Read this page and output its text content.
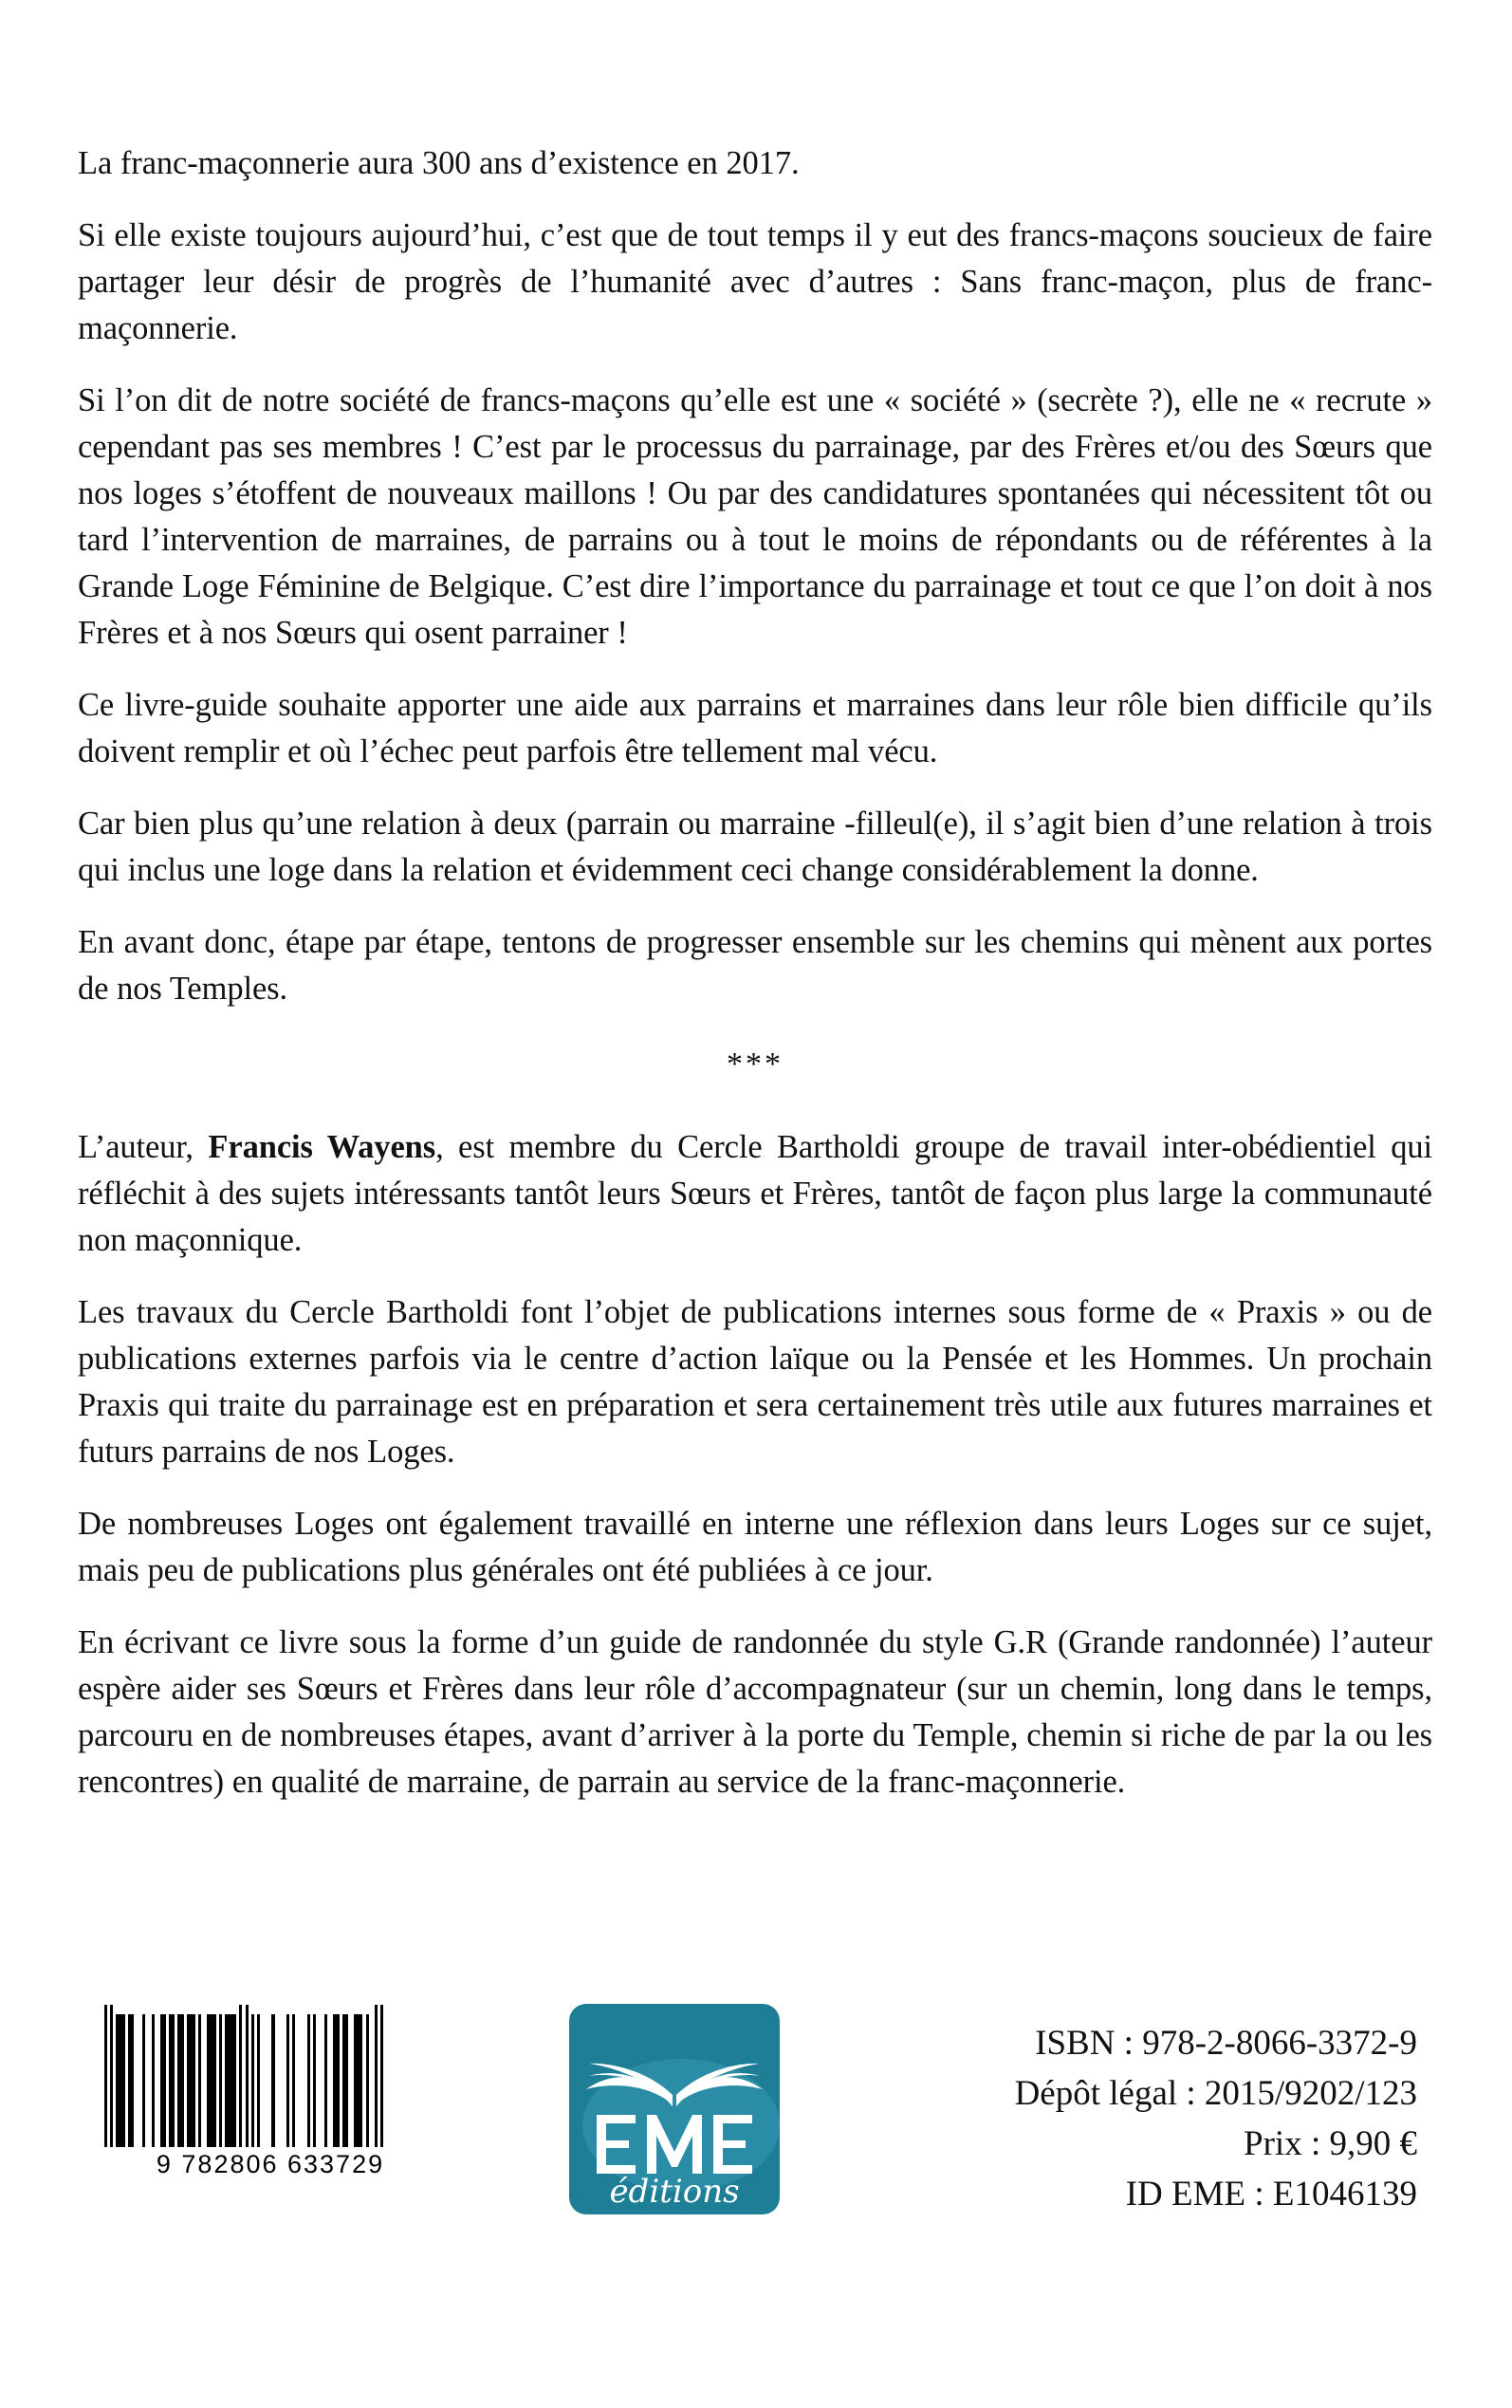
La franc-maçonnerie aura 300 ans d’existence en 2017.

Si elle existe toujours aujourd’hui, c’est que de tout temps il y eut des francs-maçons soucieux de faire partager leur désir de progrès de l’humanité avec d’autres : Sans franc-maçon, plus de franc-maçonnerie.

Si l’on dit de notre société de francs-maçons qu’elle est une « société » (secrète ?), elle ne « recrute » cependant pas ses membres ! C’est par le processus du parrainage, par des Frères et/ou des Sœurs que nos loges s’étoffent de nouveaux maillons ! Ou par des candidatures spontanées qui nécessitent tôt ou tard l’intervention de marraines, de parrains ou à tout le moins de répondants ou de référentes à la Grande Loge Féminine de Belgique. C’est dire l’importance du parrainage et tout ce que l’on doit à nos Frères et à nos Sœurs qui osent parrainer !

Ce livre-guide souhaite apporter une aide aux parrains et marraines dans leur rôle bien difficile qu’ils doivent remplir et où l’échec peut parfois être tellement mal vécu.

Car bien plus qu’une relation à deux (parrain ou marraine -filleul(e), il s’agit bien d’une relation à trois qui inclus une loge dans la relation et évidemment ceci change considérablement la donne.

En avant donc, étape par étape, tentons de progresser ensemble sur les chemins qui mènent aux portes de nos Temples.

***

L’auteur, Francis Wayens, est membre du Cercle Bartholdi groupe de travail inter-obédientiel qui réfléchit à des sujets intéressants tantôt leurs Sœurs et Frères, tantôt de façon plus large la communauté non maçonnique.

Les travaux du Cercle Bartholdi font l’objet de publications internes sous forme de « Praxis » ou de publications externes parfois via le centre d’action laïque ou la Pensée et les Hommes. Un prochain Praxis qui traite du parrainage est en préparation et sera certainement très utile aux futures marraines et futurs parrains de nos Loges.

De nombreuses Loges ont également travaillé en interne une réflexion dans leurs Loges sur ce sujet, mais peu de publications plus générales ont été publiées à ce jour.

En écrivant ce livre sous la forme d’un guide de randonnée du style G.R (Grande randonnée) l’auteur espère aider ses Sœurs et Frères dans leur rôle d’accompagnateur (sur un chemin, long dans le temps, parcouru en de nombreuses étapes, avant d’arriver à la porte du Temple, chemin si riche de par la ou les rencontres) en qualité de marraine, de parrain au service de la franc-maçonnerie.

9 782806 633729
éditions
ISBN : 978-2-8066-3372-9
Dépôt légal : 2015/9202/123
Prix : 9,90 €
ID EME : E1046139
